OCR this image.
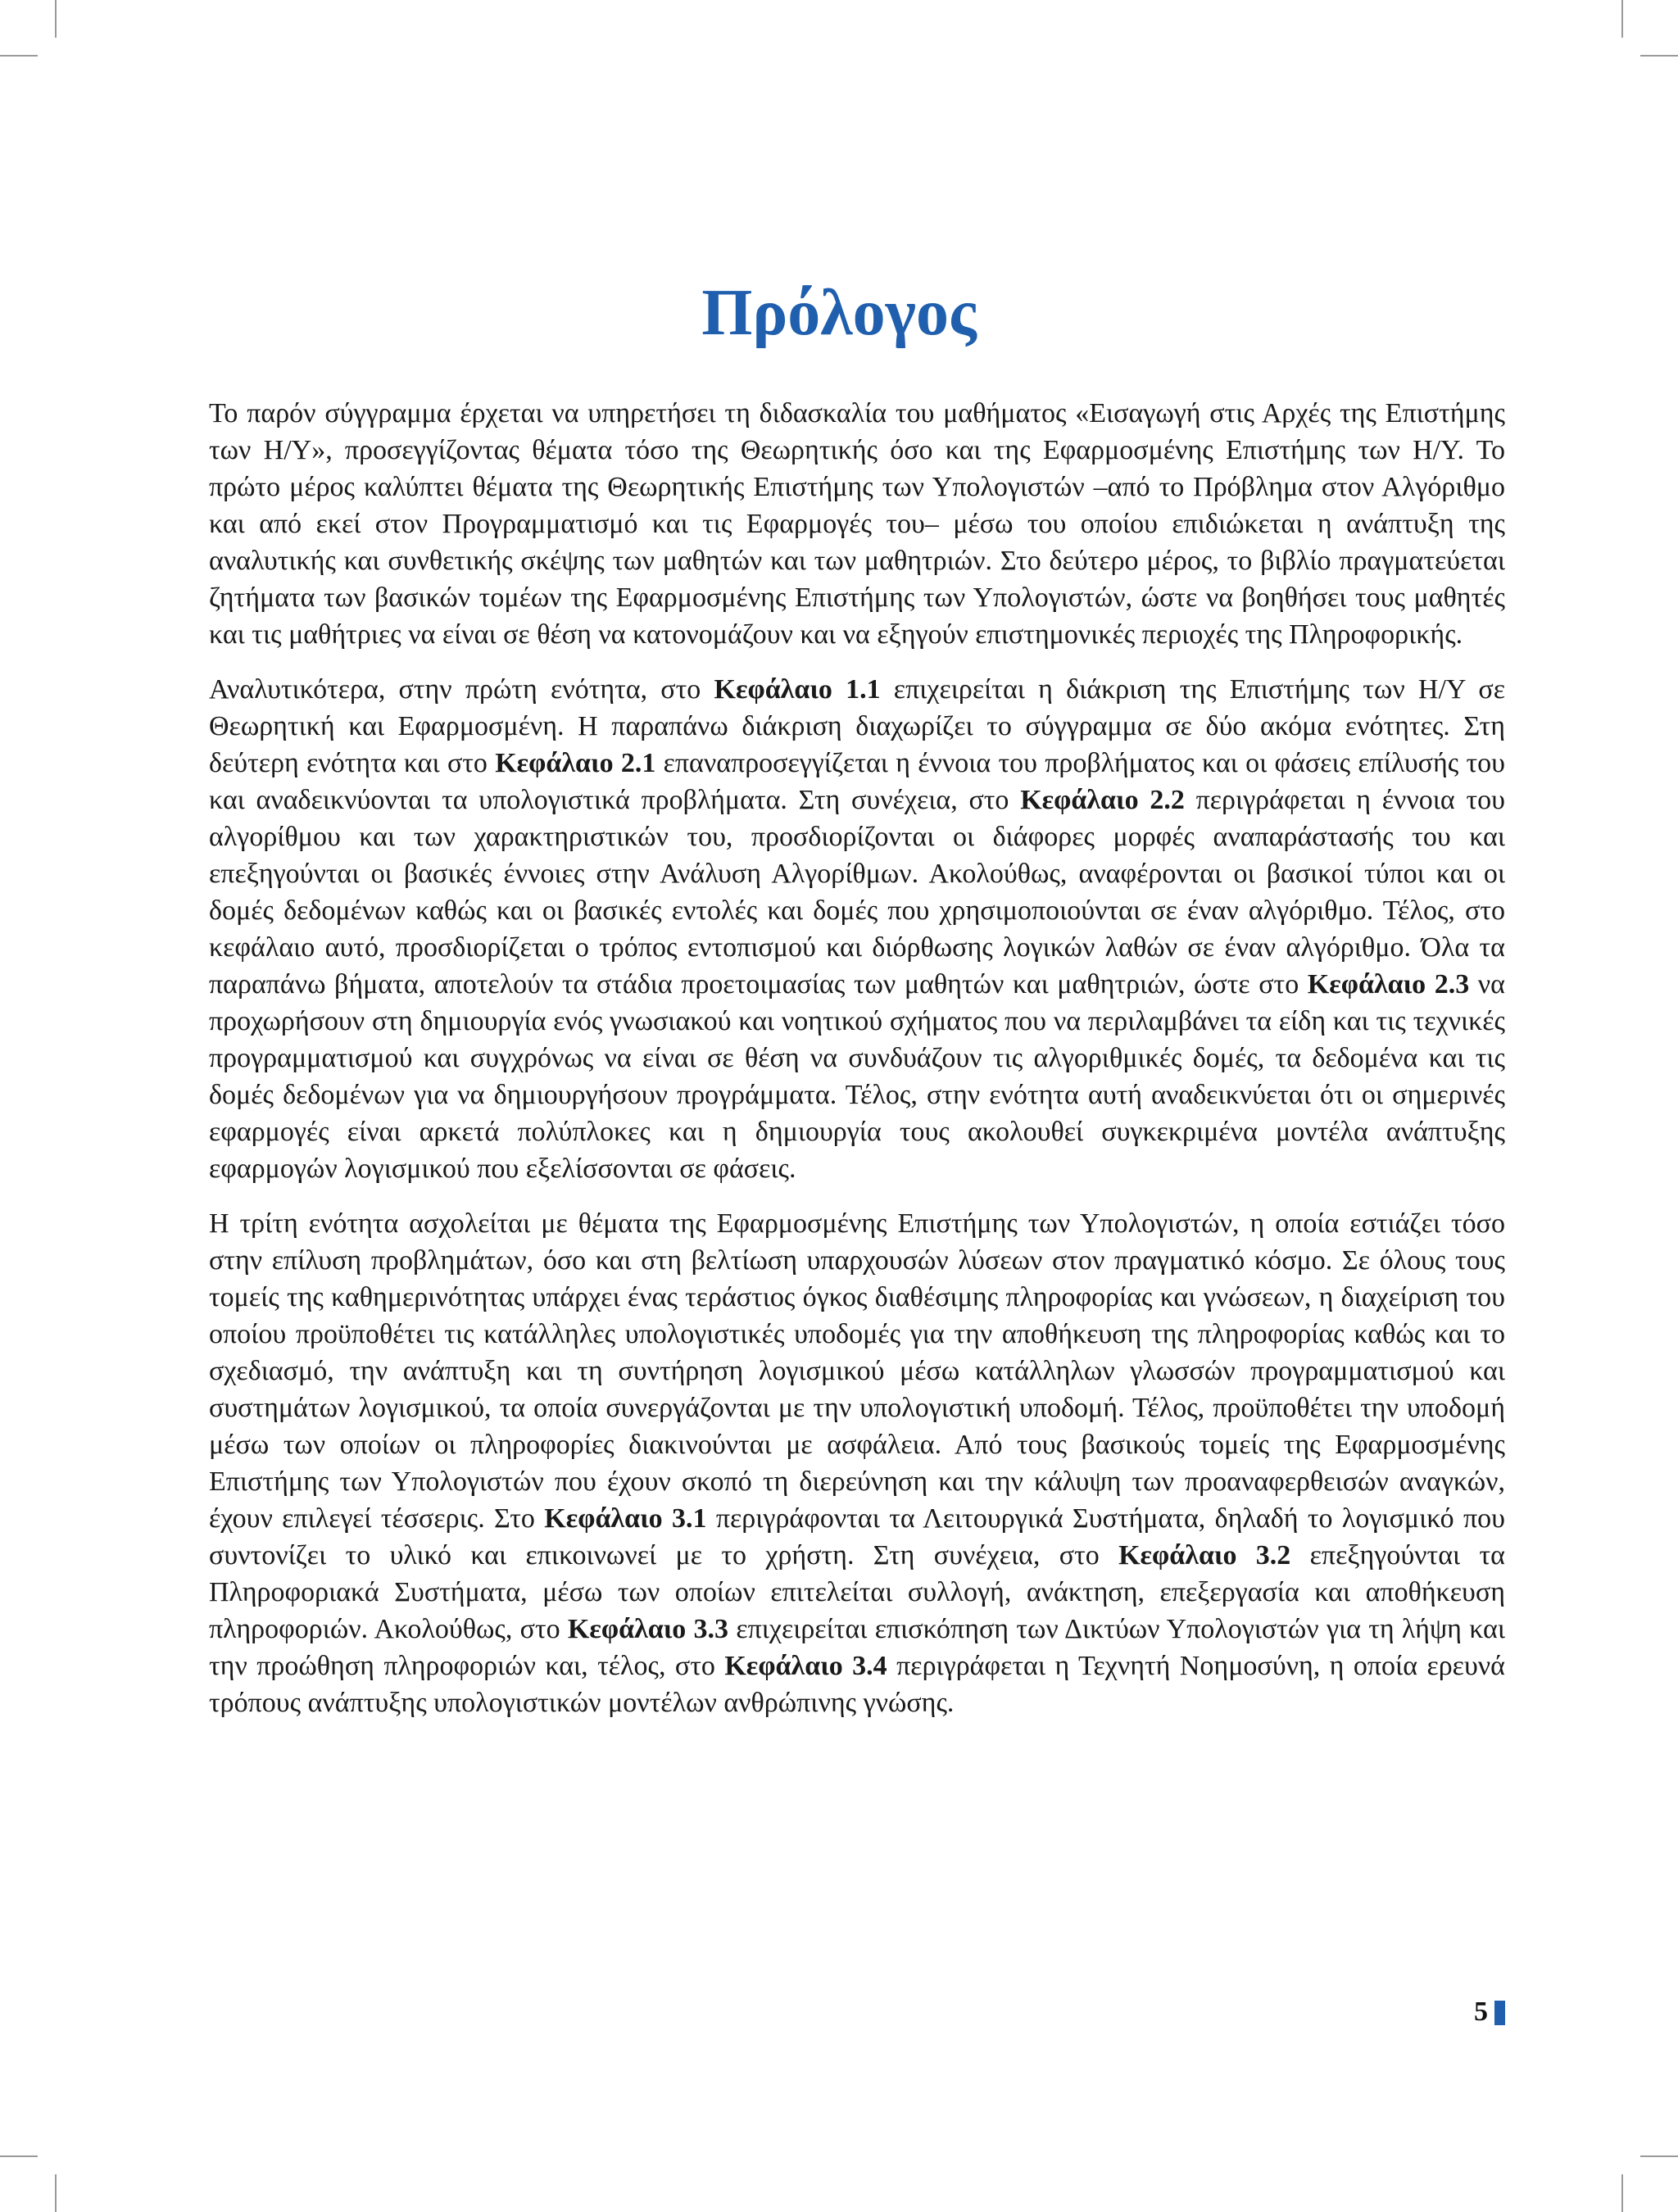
Πρόλογος

Το παρόν σύγγραμμα έρχεται να υπηρετήσει τη διδασκαλία του μαθήματος «Εισαγωγή στις Αρχές της Επιστήμης των Η/Υ», προσεγγίζοντας θέματα τόσο της Θεωρητικής όσο και της Εφαρμοσμένης Επιστήμης των Η/Υ. Το πρώτο μέρος καλύπτει θέματα της Θεωρητικής Επιστήμης των Υπολογιστών –από το Πρόβλημα στον Αλγόριθμο και από εκεί στον Προγραμματισμό και τις Εφαρμογές του– μέσω του οποίου επιδιώκεται η ανάπτυξη της αναλυτικής και συνθετικής σκέψης των μαθητών και των μαθητριών. Στο δεύτερο μέρος, το βιβλίο πραγματεύεται ζητήματα των βασικών τομέων της Εφαρμοσμένης Επιστήμης των Υπολογιστών, ώστε να βοηθήσει τους μαθητές και τις μαθήτριες να είναι σε θέση να κατονομάζουν και να εξηγούν επιστημονικές περιοχές της Πληροφορικής.

Αναλυτικότερα, στην πρώτη ενότητα, στο Κεφάλαιο 1.1 επιχειρείται η διάκριση της Επιστήμης των Η/Υ σε Θεωρητική και Εφαρμοσμένη. Η παραπάνω διάκριση διαχωρίζει το σύγγραμμα σε δύο ακόμα ενότητες. Στη δεύτερη ενότητα και στο Κεφάλαιο 2.1 επαναπροσεγγίζεται η έννοια του προβλήματος και οι φάσεις επίλυσής του και αναδεικνύονται τα υπολογιστικά προβλήματα. Στη συνέχεια, στο Κεφάλαιο 2.2 περιγράφεται η έννοια του αλγορίθμου και των χαρακτηριστικών του, προσδιορίζονται οι διάφορες μορφές αναπαράστασής του και επεξηγούνται οι βασικές έννοιες στην Ανάλυση Αλγορίθμων. Ακολούθως, αναφέρονται οι βασικοί τύποι και οι δομές δεδομένων καθώς και οι βασικές εντολές και δομές που χρησιμοποιούνται σε έναν αλγόριθμο. Τέλος, στο κεφάλαιο αυτό, προσδιορίζεται ο τρόπος εντοπισμού και διόρθωσης λογικών λαθών σε έναν αλγόριθμο. Όλα τα παραπάνω βήματα, αποτελούν τα στάδια προετοιμασίας των μαθητών και μαθητριών, ώστε στο Κεφάλαιο 2.3 να προχωρήσουν στη δημιουργία ενός γνωσιακού και νοητικού σχήματος που να περιλαμβάνει τα είδη και τις τεχνικές προγραμματισμού και συγχρόνως να είναι σε θέση να συνδυάζουν τις αλγοριθμικές δομές, τα δεδομένα και τις δομές δεδομένων για να δημιουργήσουν προγράμματα. Τέλος, στην ενότητα αυτή αναδεικνύεται ότι οι σημερινές εφαρμογές είναι αρκετά πολύπλοκες και η δημιουργία τους ακολουθεί συγκεκριμένα μοντέλα ανάπτυξης εφαρμογών λογισμικού που εξελίσσονται σε φάσεις.

Η τρίτη ενότητα ασχολείται με θέματα της Εφαρμοσμένης Επιστήμης των Υπολογιστών, η οποία εστιάζει τόσο στην επίλυση προβλημάτων, όσο και στη βελτίωση υπαρχουσών λύσεων στον πραγματικό κόσμο. Σε όλους τους τομείς της καθημερινότητας υπάρχει ένας τεράστιος όγκος διαθέσιμης πληροφορίας και γνώσεων, η διαχείριση του οποίου προϋποθέτει τις κατάλληλες υπολογιστικές υποδομές για την αποθήκευση της πληροφορίας καθώς και το σχεδιασμό, την ανάπτυξη και τη συντήρηση λογισμικού μέσω κατάλληλων γλωσσών προγραμματισμού και συστημάτων λογισμικού, τα οποία συνεργάζονται με την υπολογιστική υποδομή. Τέλος, προϋποθέτει την υποδομή μέσω των οποίων οι πληροφορίες διακινούνται με ασφάλεια. Από τους βασικούς τομείς της Εφαρμοσμένης Επιστήμης των Υπολογιστών που έχουν σκοπό τη διερεύνηση και την κάλυψη των προαναφερθεισών αναγκών, έχουν επιλεγεί τέσσερις. Στο Κεφάλαιο 3.1 περιγράφονται τα Λειτουργικά Συστήματα, δηλαδή το λογισμικό που συντονίζει το υλικό και επικοινωνεί με το χρήστη. Στη συνέχεια, στο Κεφάλαιο 3.2 επεξηγούνται τα Πληροφοριακά Συστήματα, μέσω των οποίων επιτελείται συλλογή, ανάκτηση, επεξεργασία και αποθήκευση πληροφοριών. Ακολούθως, στο Κεφάλαιο 3.3 επιχειρείται επισκόπηση των Δικτύων Υπολογιστών για τη λήψη και την προώθηση πληροφοριών και, τέλος, στο Κεφάλαιο 3.4 περιγράφεται η Τεχνητή Νοημοσύνη, η οποία ερευνά τρόπους ανάπτυξης υπολογιστικών μοντέλων ανθρώπινης γνώσης.

5
